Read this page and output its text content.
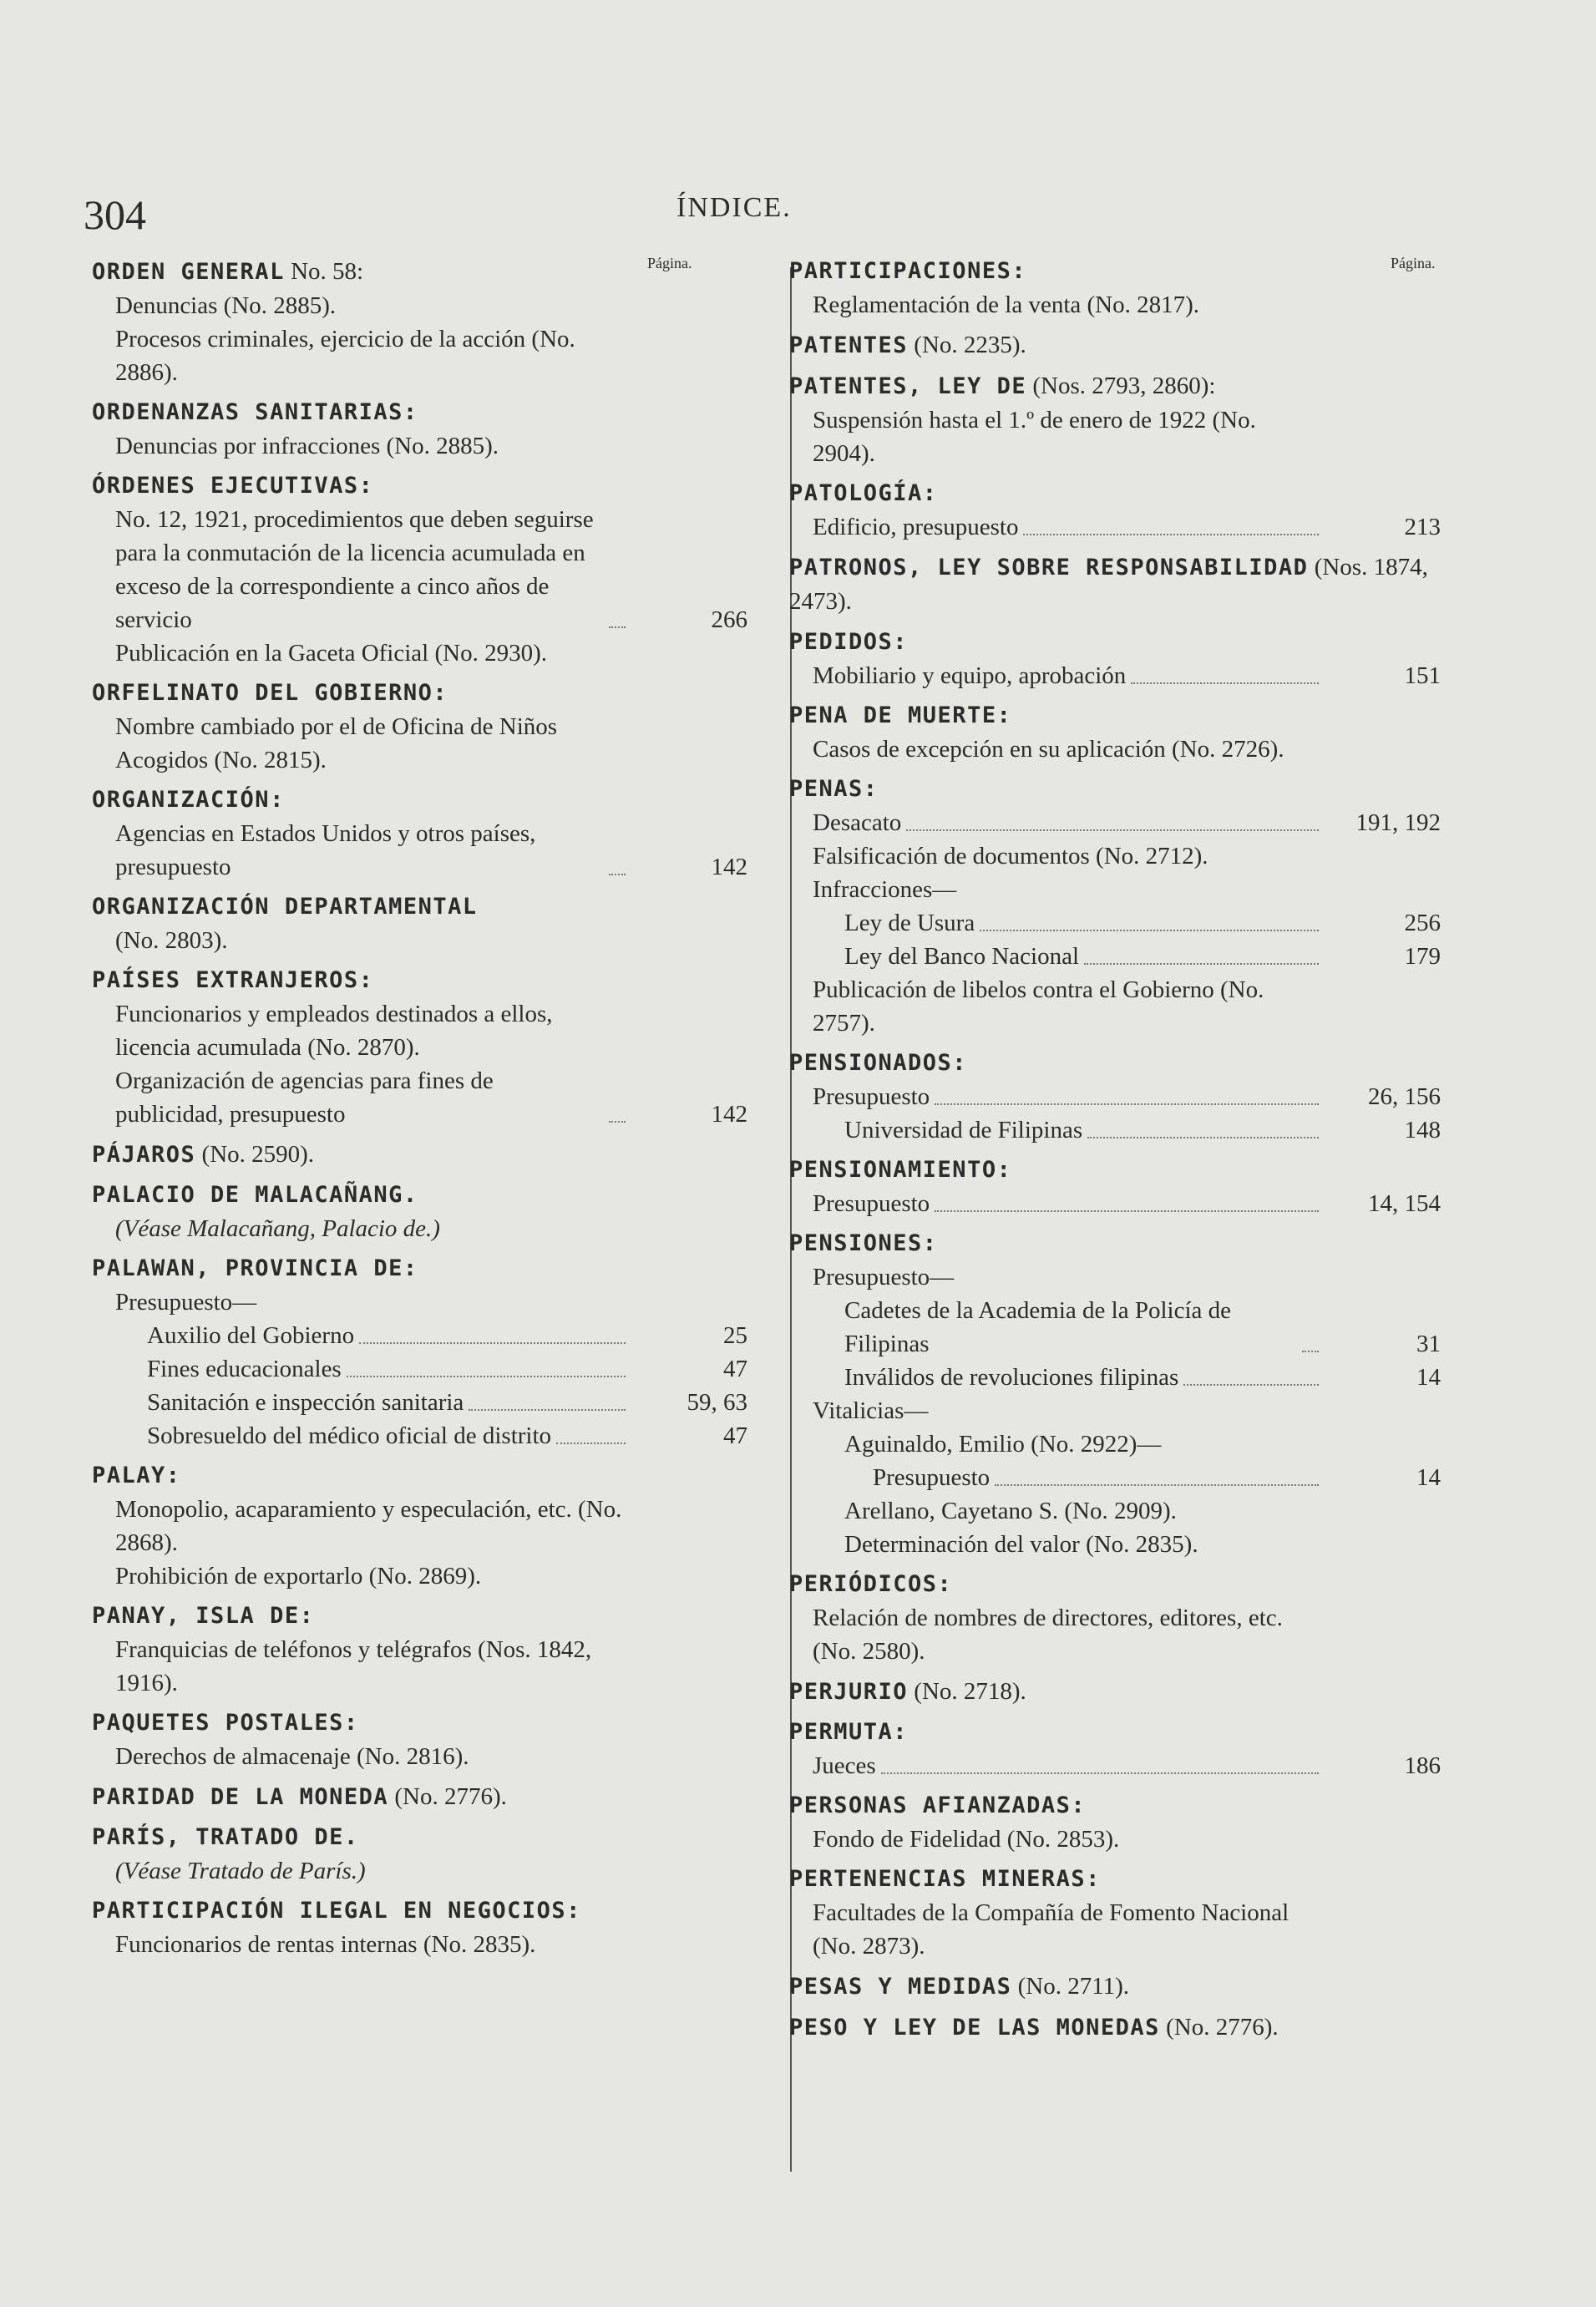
304	ÍNDICE.
Página.	Página.
ORDEN GENERAL No. 58:
Denuncias (No. 2885).
Procesos criminales, ejercicio de la acción (No. 2886).
ORDENANZAS SANITARIAS:
Denuncias por infracciones (No. 2885).
ÓRDENES EJECUTIVAS:
No. 12, 1921, procedimientos que deben seguirse para la conmutación de la licencia acumulada en exceso de la correspondiente a cinco años de servicio	266
Publicación en la Gaceta Oficial (No. 2930).
ORFELINATO DEL GOBIERNO:
Nombre cambiado por el de Oficina de Niños Acogidos (No. 2815).
ORGANIZACIÓN:
Agencias en Estados Unidos y otros países, presupuesto	142
ORGANIZACIÓN DEPARTAMENTAL
(No. 2803).
PAÍSES EXTRANJEROS:
Funcionarios y empleados destinados a ellos, licencia acumulada (No. 2870).
Organización de agencias para fines de publicidad, presupuesto	142
PÁJAROS (No. 2590).
PALACIO DE MALACAÑANG.
(Véase Malacañang, Palacio de.)
PALAWAN, PROVINCIA DE:
Presupuesto—
Auxilio del Gobierno	25
Fines educacionales	47
Sanitación e inspección sanitaria	59, 63
Sobresueldo del médico oficial de distrito	47
PALAY:
Monopolio, acaparamiento y especulación, etc. (No. 2868).
Prohibición de exportarlo (No. 2869).
PANAY, ISLA DE:
Franquicias de teléfonos y telégrafos (Nos. 1842, 1916).
PAQUETES POSTALES:
Derechos de almacenaje (No. 2816).
PARIDAD DE LA MONEDA (No. 2776).
PARÍS, TRATADO DE.
(Véase Tratado de París.)
PARTICIPACIÓN ILEGAL EN NEGOCIOS:
Funcionarios de rentas internas (No. 2835).
PARTICIPACIONES:
Reglamentación de la venta (No. 2817).
PATENTES (No. 2235).
PATENTES, LEY DE (Nos. 2793, 2860):
Suspensión hasta el 1.º de enero de 1922 (No. 2904).
PATOLOGÍA:
Edificio, presupuesto	213
PATRONOS, LEY SOBRE RESPONSABILIDAD (Nos. 1874, 2473).
PEDIDOS:
Mobiliario y equipo, aprobación	151
PENA DE MUERTE:
Casos de excepción en su aplicación (No. 2726).
PENAS:
Desacato	191, 192
Falsificación de documentos (No. 2712).
Infracciones—
Ley de Usura	256
Ley del Banco Nacional	179
Publicación de libelos contra el Gobierno (No. 2757).
PENSIONADOS:
Presupuesto	26, 156
Universidad de Filipinas	148
PENSIONAMIENTO:
Presupuesto	14, 154
PENSIONES:
Presupuesto—
Cadetes de la Academia de la Policía de Filipinas	31
Inválidos de revoluciones filipinas	14
Vitalicias—
Aguinaldo, Emilio (No. 2922)—
Presupuesto	14
Arellano, Cayetano S. (No. 2909).
Determinación del valor (No. 2835).
PERIÓDICOS:
Relación de nombres de directores, editores, etc. (No. 2580).
PERJURIO (No. 2718).
PERMUTA:
Jueces	186
PERSONAS AFIANZADAS:
Fondo de Fidelidad (No. 2853).
PERTENENCIAS MINERAS:
Facultades de la Compañía de Fomento Nacional (No. 2873).
PESAS Y MEDIDAS (No. 2711).
PESO Y LEY DE LAS MONEDAS (No. 2776).
